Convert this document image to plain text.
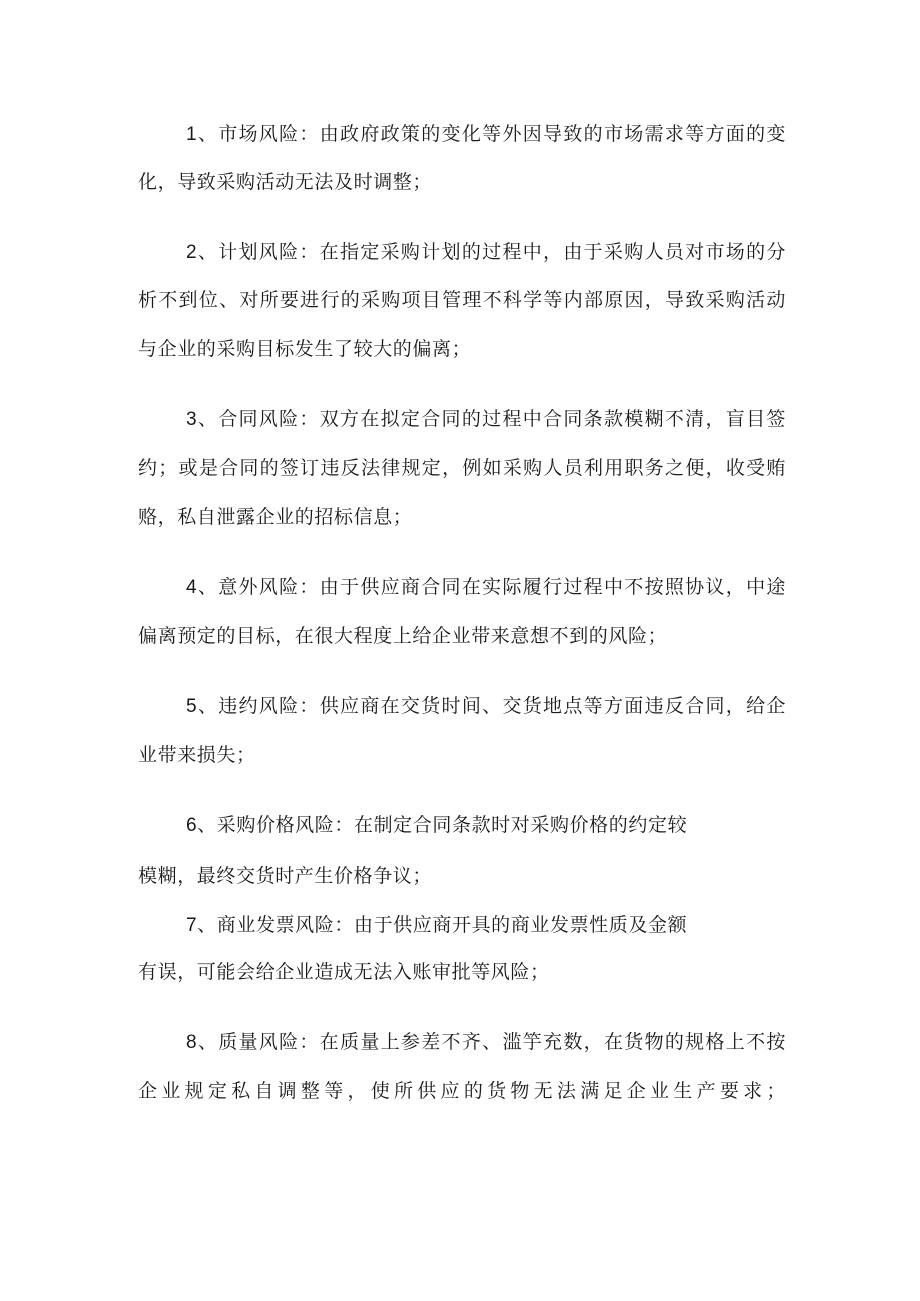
1、市场风险：由政府政策的变化等外因导致的市场需求等方面的变
化，导致采购活动无法及时调整；
2、计划风险：在指定采购计划的过程中，由于采购人员对市场的分
析不到位、对所要进行的采购项目管理不科学等内部原因，导致采购活动
与企业的采购目标发生了较大的偏离；
3、合同风险：双方在拟定合同的过程中合同条款模糊不清，盲目签
约；或是合同的签订违反法律规定，例如采购人员利用职务之便，收受贿
赂，私自泄露企业的招标信息；
4、意外风险：由于供应商合同在实际履行过程中不按照协议，中途
偏离预定的目标，在很大程度上给企业带来意想不到的风险；
5、违约风险：供应商在交货时间、交货地点等方面违反合同，给企
业带来损失；
6、采购价格风险：在制定合同条款时对采购价格的约定较
模糊，最终交货时产生价格争议；
7、商业发票风险：由于供应商开具的商业发票性质及金额
有误，可能会给企业造成无法入账审批等风险；
8、质量风险：在质量上参差不齐、滥竽充数，在货物的规格上不按
企业规定私自调整等，使所供应的货物无法满足企业生产要求；
